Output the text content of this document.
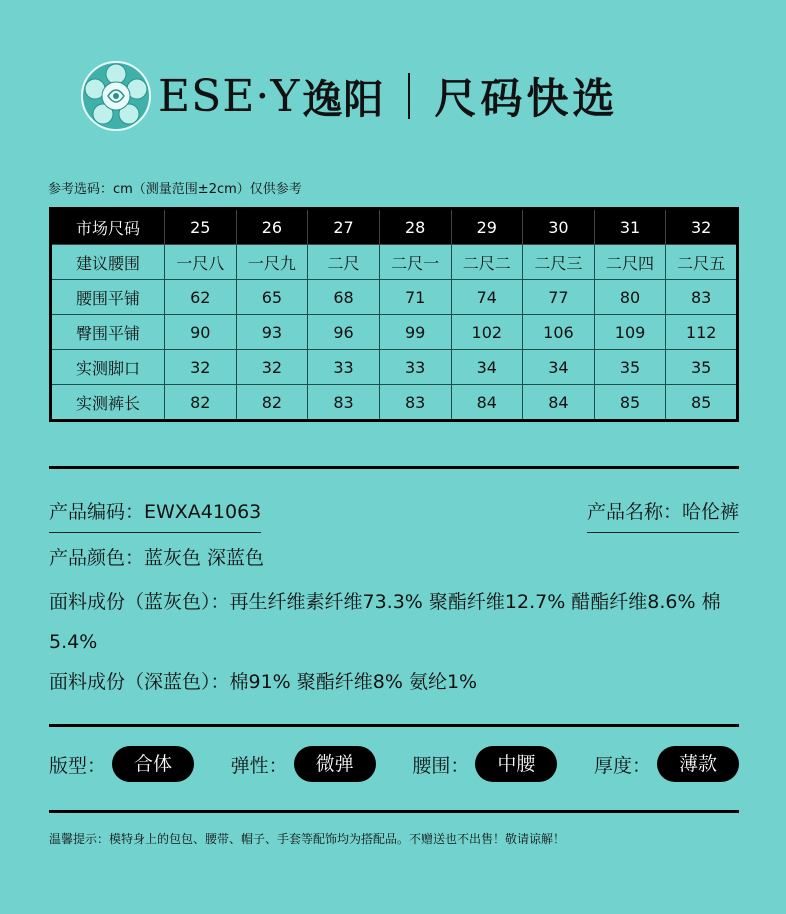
ESE·Y 逸阳 尺码快选
参考选码：cm（测量范围±2cm）仅供参考
市场尺码	25	26	27	28	29	30	31	32
建议腰围	一尺八	一尺九	二尺	二尺一	二尺二	二尺三	二尺四	二尺五
腰围平铺	62	65	68	71	74	77	80	83
臀围平铺	90	93	96	99	102	106	109	112
实测脚口	32	32	33	33	34	34	35	35
实测裤长	82	82	83	83	84	84	85	85
产品编码：EWXA41063	产品名称：哈伦裤
产品颜色：蓝灰色 深蓝色
面料成份（蓝灰色）：再生纤维素纤维73.3% 聚酯纤维12.7% 醋酯纤维8.6% 棉5.4%
面料成份（深蓝色）：棉91% 聚酯纤维8% 氨纶1%
版型：	合体	弹性：	微弹	腰围：	中腰	厚度：	薄款
温馨提示：模特身上的包包、腰带、帽子、手套等配饰均为搭配品。不赠送也不出售！敬请谅解！
